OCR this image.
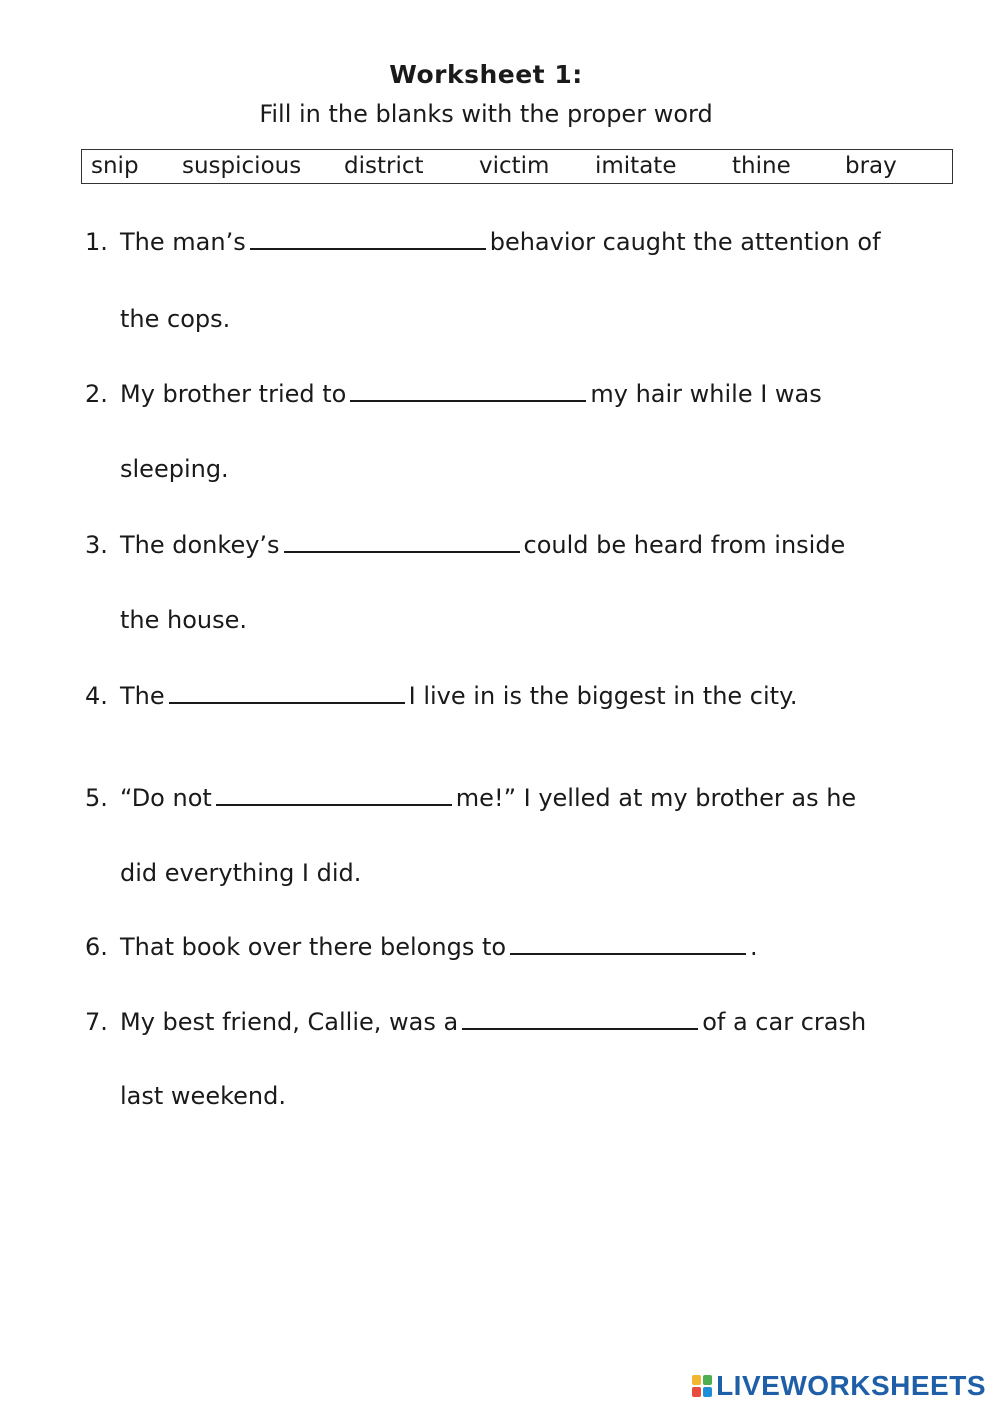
Worksheet 1:
Fill in the blanks with the proper word
snip suspicious district victim imitate thine bray
1. The man’s	behavior caught the attention of
the cops.
2. My brother tried to	my hair while I was
sleeping.
3. The donkey’s	could be heard from inside
the house.
4. The	I live in is the biggest in the city.
5. “Do not	me!” I yelled at my brother as he
did everything I did.
6. That book over there belongs to	.
7. My best friend, Callie, was a	of a car crash
last weekend.
LIVEWORKSHEETS
